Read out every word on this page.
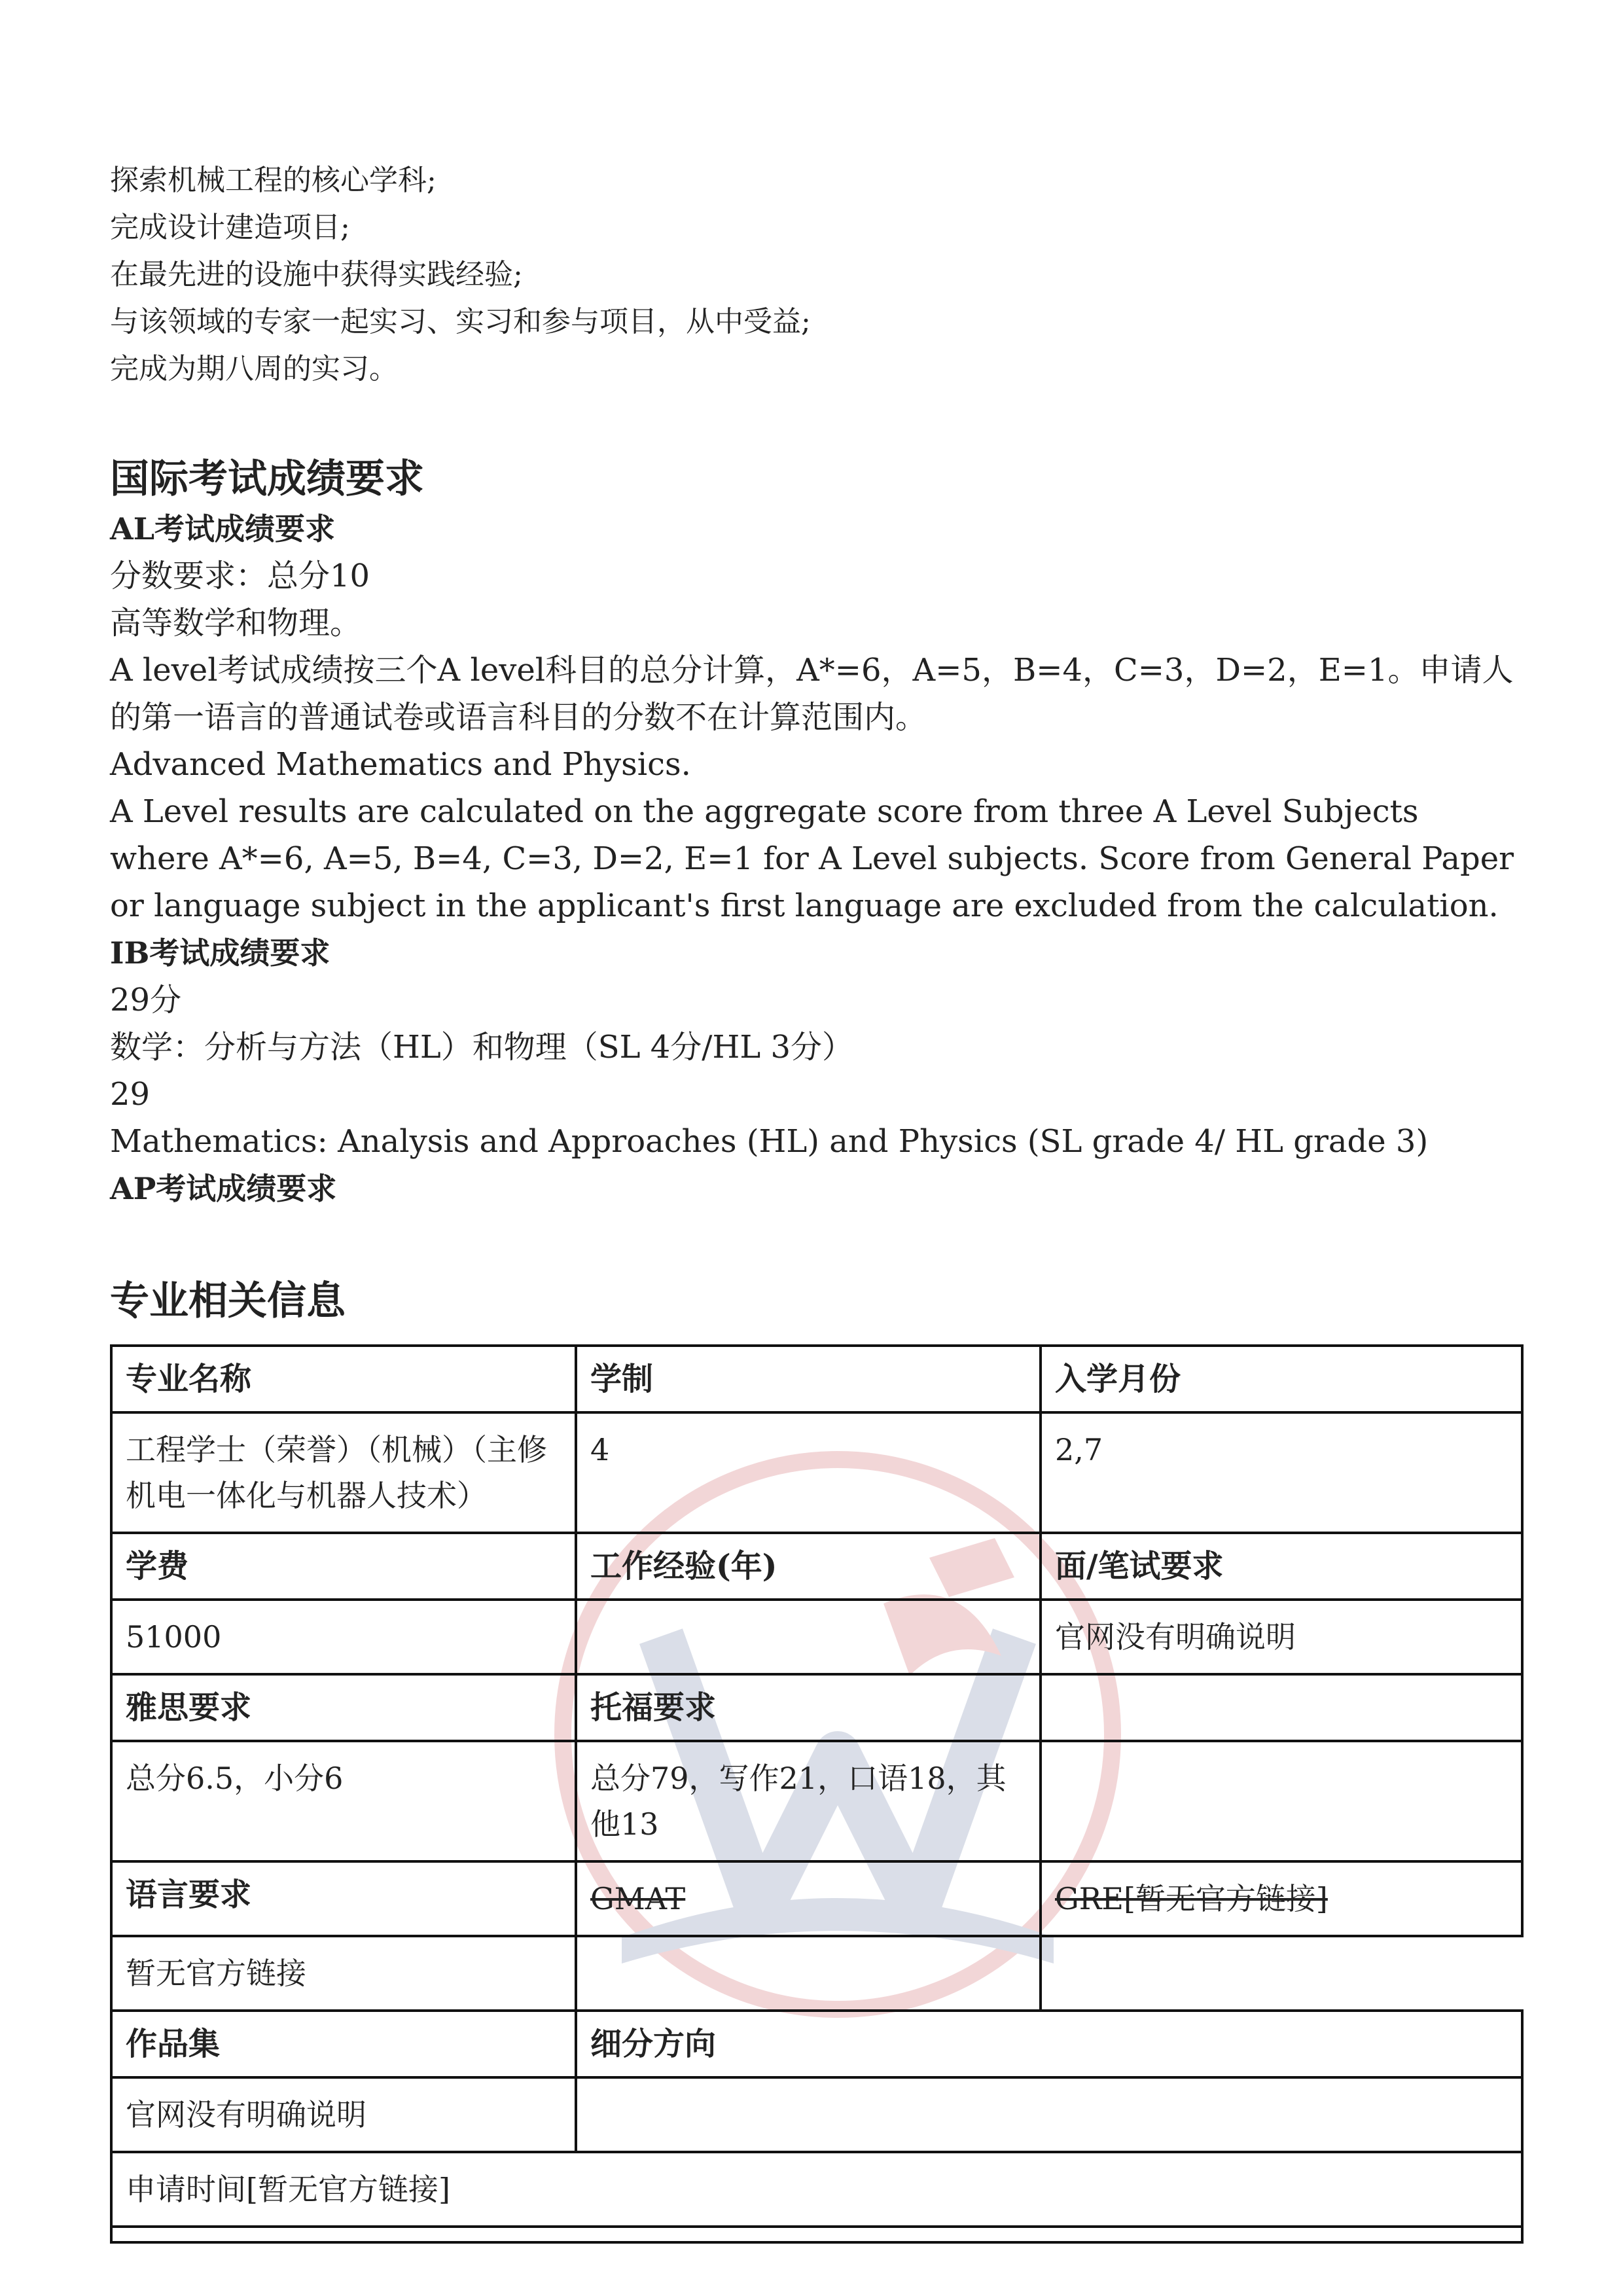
探索机械工程的核心学科;

完成设计建造项目;

在最先进的设施中获得实践经验;

与该领域的专家一起实习、实习和参与项目，从中受益;

完成为期八周的实习。

国际考试成绩要求

AL考试成绩要求

分数要求：总分10

高等数学和物理。

A level考试成绩按三个A level科目的总分计算，A*=6，A=5，B=4，C=3，D=2，E=1。申请人的第一语言的普通试卷或语言科目的分数不在计算范围内。

Advanced Mathematics and Physics.

A Level results are calculated on the aggregate score from three A Level Subjects where A*=6, A=5, B=4, C=3, D=2, E=1 for A Level subjects. Score from General Paper or language subject in the applicant's first language are excluded from the calculation.

IB考试成绩要求

29分

数学：分析与方法（HL）和物理（SL 4分/HL 3分）

29

Mathematics: Analysis and Approaches (HL) and Physics (SL grade 4/ HL grade 3)

AP考试成绩要求

专业相关信息

专业名称	学制	入学月份
工程学士（荣誉）（机械）（主修机电一体化与机器人技术）	4	2,7
学费	工作经验(年)	面/笔试要求
51000		官网没有明确说明
雅思要求	托福要求	
总分6.5，小分6	总分79，写作21，口语18，其他13	
语言要求	GMAT	GRE[暂无官方链接]
暂无官方链接		
作品集	细分方向	
官网没有明确说明		
申请时间[暂无官方链接]		
